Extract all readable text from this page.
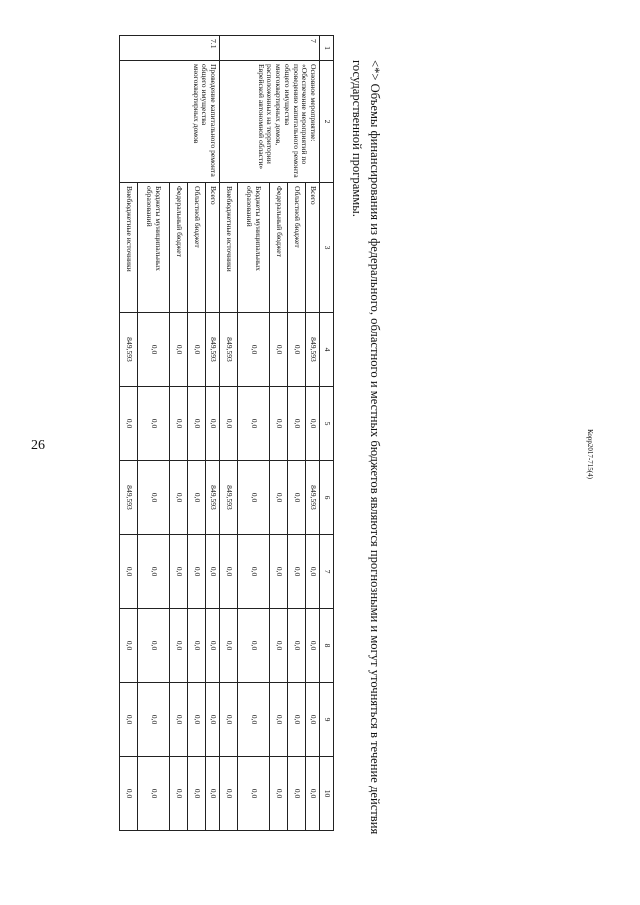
26
1	2	3	4	5	6	7	8	9	10
7	Основное мероприятие: «Обеспечение мероприятий по проведению капитального ремонта общего имущества многоквартирных домов, расположенных на территории Еврейской автономной области»	Всего	849,593	0,0	849,593	0,0	0,0	0,0	0,0
		Областной бюджет	0,0	0,0	0,0	0,0	0,0	0,0	0,0
		Федеральный бюджет	0,0	0,0	0,0	0,0	0,0	0,0	0,0
		Бюджеты муниципальных образований	0,0	0,0	0,0	0,0	0,0	0,0	0,0
		Внебюджетные источники	849,593	0,0	849,593	0,0	0,0	0,0	0,0
7.1	Проведение капитального ремонта общего имущества многоквартирных домов	Всего	849,593	0,0	849,593	0,0	0,0	0,0	0,0
		Областной бюджет	0,0	0,0	0,0	0,0	0,0	0,0	0,0
		Федеральный бюджет	0,0	0,0	0,0	0,0	0,0	0,0	0,0
		Бюджеты муниципальных образований	0,0	0,0	0,0	0,0	0,0	0,0	0,0
		Внебюджетные источники	849,593	0,0	849,593	0,0	0,0	0,0	0,0	<*> Объемы финансирования из федерального, областного и местных бюджетов являются прогнозными и могут уточняться в течение действия государственной программы.
Корр2017-715(4)
